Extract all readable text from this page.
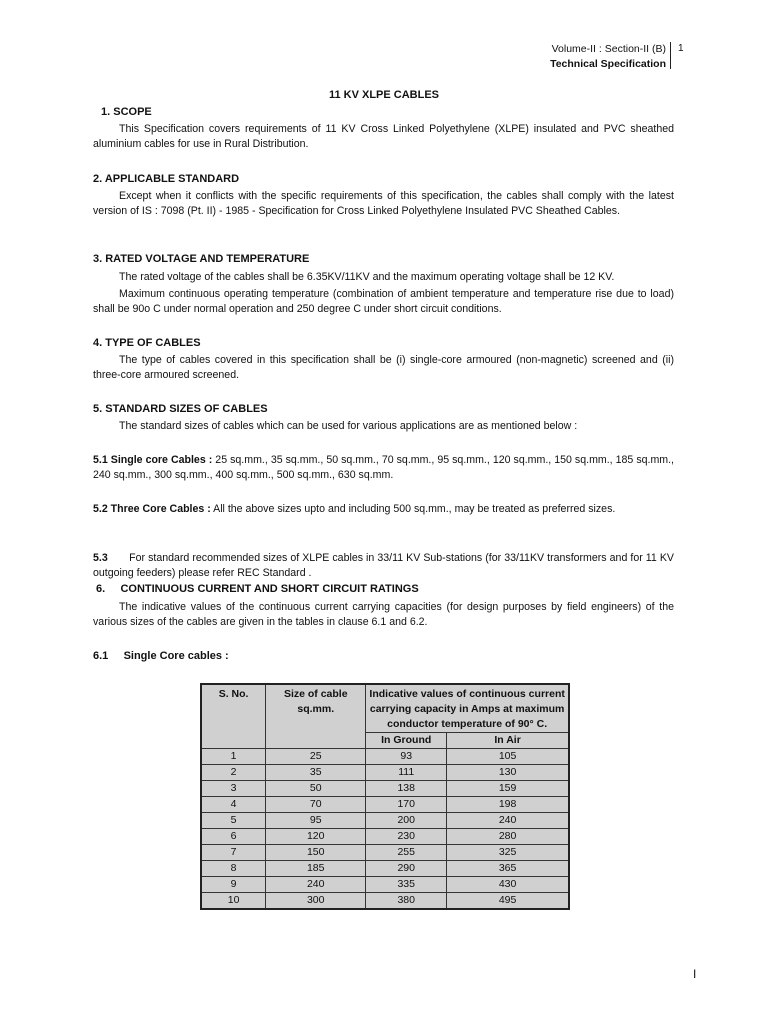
Volume-II : Section-II (B)
Technical Specification
1
11 KV XLPE CABLES
1. SCOPE
This Specification covers requirements of 11 KV Cross Linked Polyethylene (XLPE) insulated and PVC sheathed aluminium cables for use in Rural Distribution.
2. APPLICABLE STANDARD
Except when it conflicts with the specific requirements of this specification, the cables shall comply with the latest version of IS : 7098 (Pt. II) - 1985 - Specification for Cross Linked Polyethylene Insulated PVC Sheathed Cables.
3. RATED VOLTAGE AND TEMPERATURE
The rated voltage of the cables shall be 6.35KV/11KV and the maximum operating voltage shall be 12 KV.
Maximum continuous operating temperature (combination of ambient temperature and temperature rise due to load) shall be 90o C under normal operation and 250 degree C under short circuit conditions.
4. TYPE OF CABLES
The type of cables covered in this specification shall be (i) single-core armoured (non-magnetic) screened and (ii) three-core armoured screened.
5. STANDARD SIZES OF CABLES
The standard sizes of cables which can be used for various applications are as mentioned below :
5.1 Single core Cables : 25 sq.mm., 35 sq.mm., 50 sq.mm., 70 sq.mm., 95 sq.mm., 120 sq.mm., 150 sq.mm., 185 sq.mm., 240 sq.mm., 300 sq.mm., 400 sq.mm., 500 sq.mm., 630 sq.mm.
5.2 Three Core Cables : All the above sizes upto and including 500 sq.mm., may be treated as preferred sizes.
5.3       For standard recommended sizes of XLPE cables in 33/11 KV Sub-stations (for 33/11KV transformers and for 11 KV outgoing feeders) please refer REC Standard .
6.     CONTINUOUS CURRENT AND SHORT CIRCUIT RATINGS
The indicative values of the continuous current carrying capacities (for design purposes by field engineers) of the various sizes of the cables are given in the tables in clause 6.1 and 6.2.
6.1     Single Core cables :
S. No.	Size of cable sq.mm.	Indicative values of continuous current carrying capacity in Amps at maximum conductor temperature of 90° C.	
		In Ground	In Air
1	25	93	105
2	35	111	130
3	50	138	159
4	70	170	198
5	95	200	240
6	120	230	280
7	150	255	325
8	185	290	365
9	240	335	430
10	300	380	495
I
